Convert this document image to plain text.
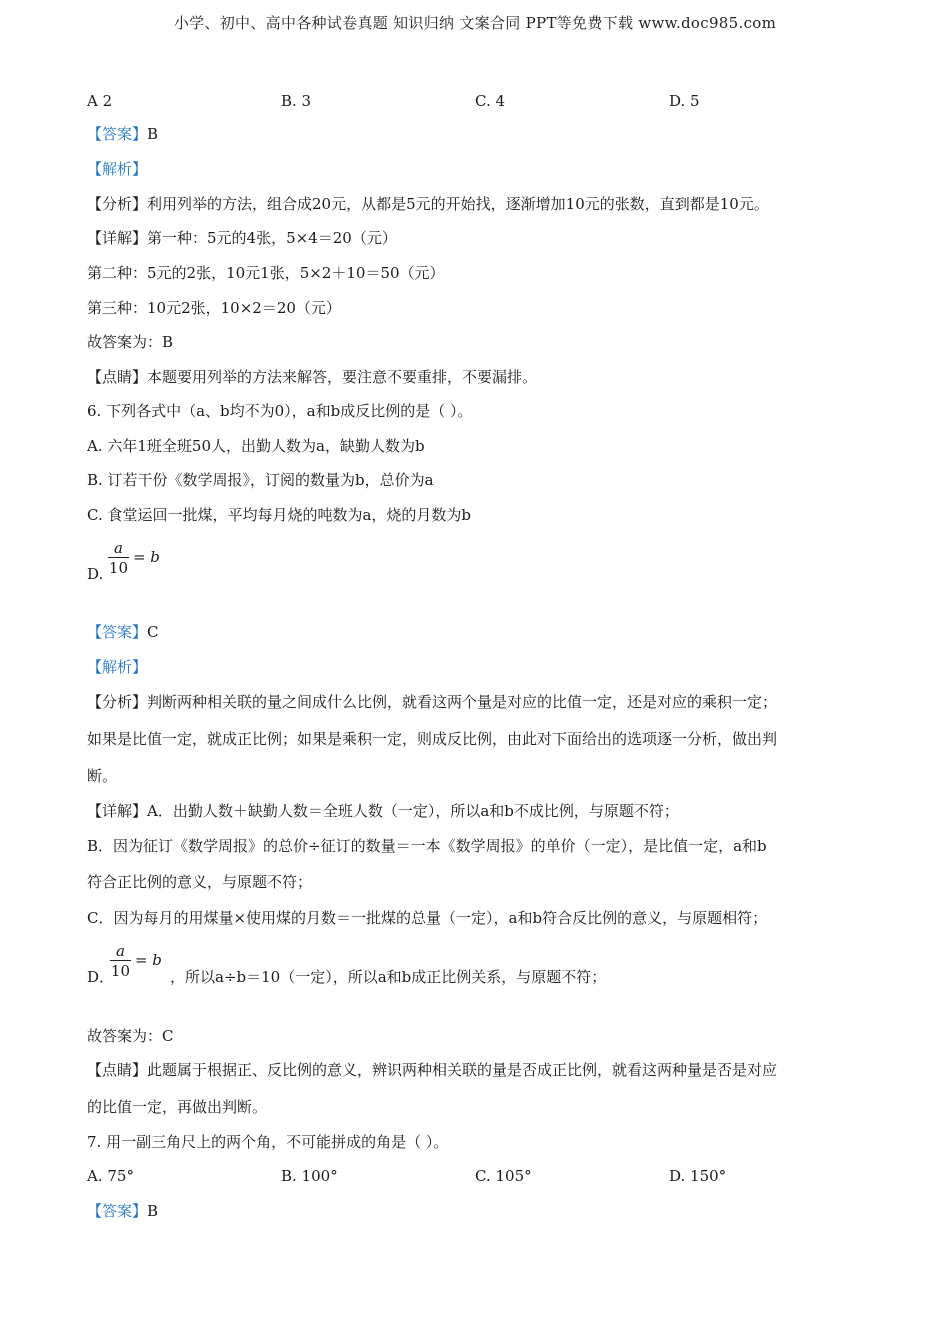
小学、初中、高中各种试卷真题 知识归纳 文案合同 PPT等免费下载 www.doc985.com
A 2	B. 3	C. 4	D. 5
【答案】B
【解析】
【分析】利用列举的方法，组合成20元，从都是5元的开始找，逐渐增加10元的张数，直到都是10元。
【详解】第一种：5元的4张，5×4＝20（元）
第二种：5元的2张，10元1张，5×2＋10＝50（元）
第三种：10元2张，10×2＝20（元）
故答案为：B
【点睛】本题要用列举的方法来解答，要注意不要重排，不要漏排。
6. 下列各式中（a、b均不为0），a和b成反比例的是（ ）。
A. 六年1班全班50人，出勤人数为a，缺勤人数为b
B. 订若干份《数学周报》，订阅的数量为b，总价为a
C. 食堂运回一批煤，平均每月烧的吨数为a，烧的月数为b
D. $\frac{a}{10} = b$
【答案】C
【解析】
【分析】判断两种相关联的量之间成什么比例，就看这两个量是对应的比值一定，还是对应的乘积一定；
如果是比值一定，就成正比例；如果是乘积一定，则成反比例，由此对下面给出的选项逐一分析，做出判
断。
【详解】A．出勤人数＋缺勤人数＝全班人数（一定），所以a和b不成比例，与原题不符；
B．因为征订《数学周报》的总价÷征订的数量＝一本《数学周报》的单价（一定），是比值一定，a和b
符合正比例的意义，与原题不符；
C．因为每月的用煤量×使用煤的月数＝一批煤的总量（一定），a和b符合反比例的意义，与原题相符；
D．
$\frac{a}{10} = b$
，所以a÷b＝10（一定），所以a和b成正比例关系，与原题不符；
故答案为：C
【点睛】此题属于根据正、反比例的意义，辨识两种相关联的量是否成正比例，就看这两种量是否是对应
的比值一定，再做出判断。
7. 用一副三角尺上的两个角，不可能拼成的角是（ ）。
A. 75°	B. 100°	C. 105°	D. 150°
【答案】B
